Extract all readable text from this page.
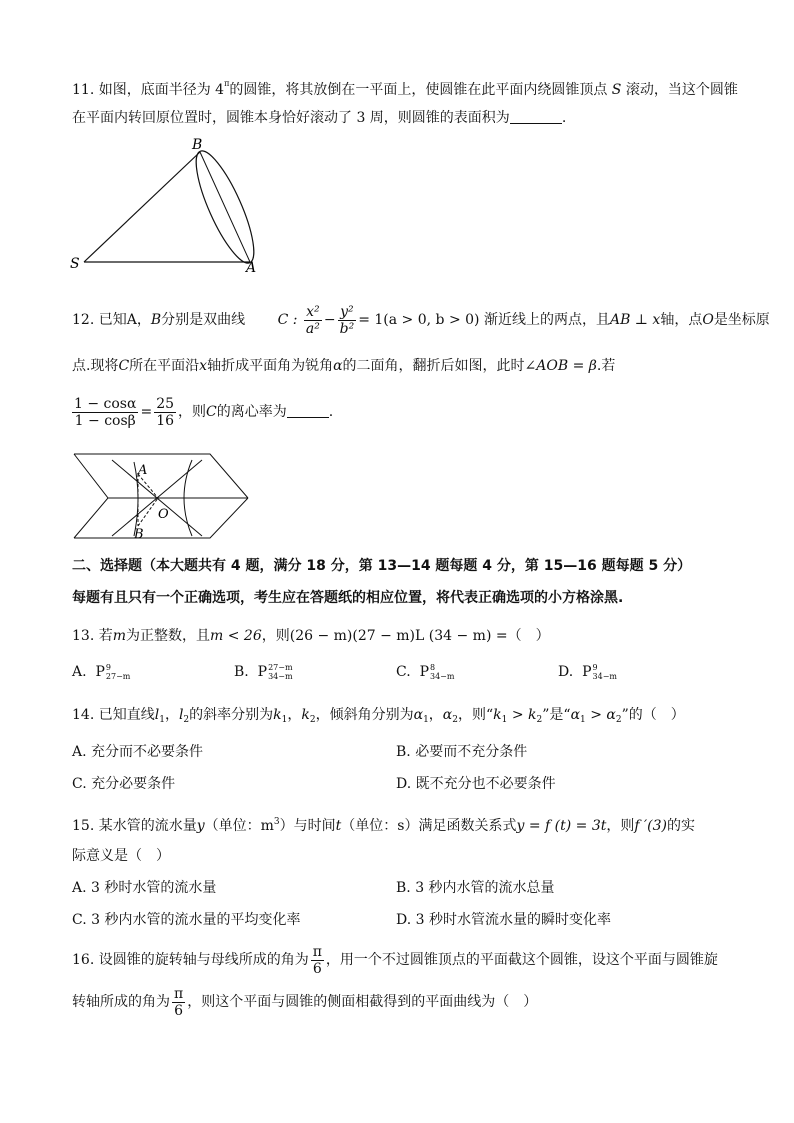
11. 如图，底面半径为 $4^\pi$的圆锥，将其放倒在一平面上，使圆锥在此平面内绕圆锥顶点 S 滚动，当这个圆锥
在平面内转回原位置时，圆锥本身恰好滚动了 3 周，则圆锥的表面积为	.
B
S	A
12. 已知A，B分别是双曲线 C : $\frac{\text{x²}}{\text{a²}} - \frac{\text{y²}}{\text{b²}} = 1(a > 0$, b > 0) 渐近线上的两点，且AB ⊥ x轴，点O是坐标原
点.现将C所在平面沿x轴折成平面角为锐角α的二面角，翻折后如图，此时∠AOB = β.若
$\frac{1 - \cos\alpha}{1 - \cos\beta} = \frac{25}{16}$ ，则C的离心率为	.
A
O
B
二、选择题（本大题共有 4 题，满分 18 分，第 13—14 题每题 4 分，第 15—16 题每题 5 分）
每题有且只有一个正确选项，考生应在答题纸的相应位置，将代表正确选项的小方格涂黑.
13. 若m为正整数，且m < 26，则(26 − m)(27 − m)L (34 − m) =（　）
A. P 9
27−m	B. P 27−m
34−m	C. P 8
34−m	D. P 9
34−m
14. 已知直线$l_1$，$l_2$的斜率分别为$k_1$，$k_2$，倾斜角分别为$\alpha_1$，$\alpha_2$，则“$k_1 > k_2$”是“$\alpha_1 > \alpha_2$”的（　）
A. 充分而不必要条件	B. 必要而不充分条件
C. 充分必要条件	D. 既不充分也不必要条件
15. 某水管的流水量y（单位：$m^3$）与时间t（单位：s）满足函数关系式y = f (t) = 3t，则f ′(3)的实
际意义是（　）
A. 3 秒时水管的流水量	B. 3 秒内水管的流水总量
C. 3 秒内水管的流水量的平均变化率	D. 3 秒时水管流水量的瞬时变化率
16. 设圆锥的旋转轴与母线所成的角为 $\frac{\pi}{6}$ ，用一个不过圆锥顶点的平面截这个圆锥，设这个平面与圆锥旋
转轴所成的角为 $\frac{\pi}{6}$ ，则这个平面与圆锥的侧面相截得到的平面曲线为（　）
